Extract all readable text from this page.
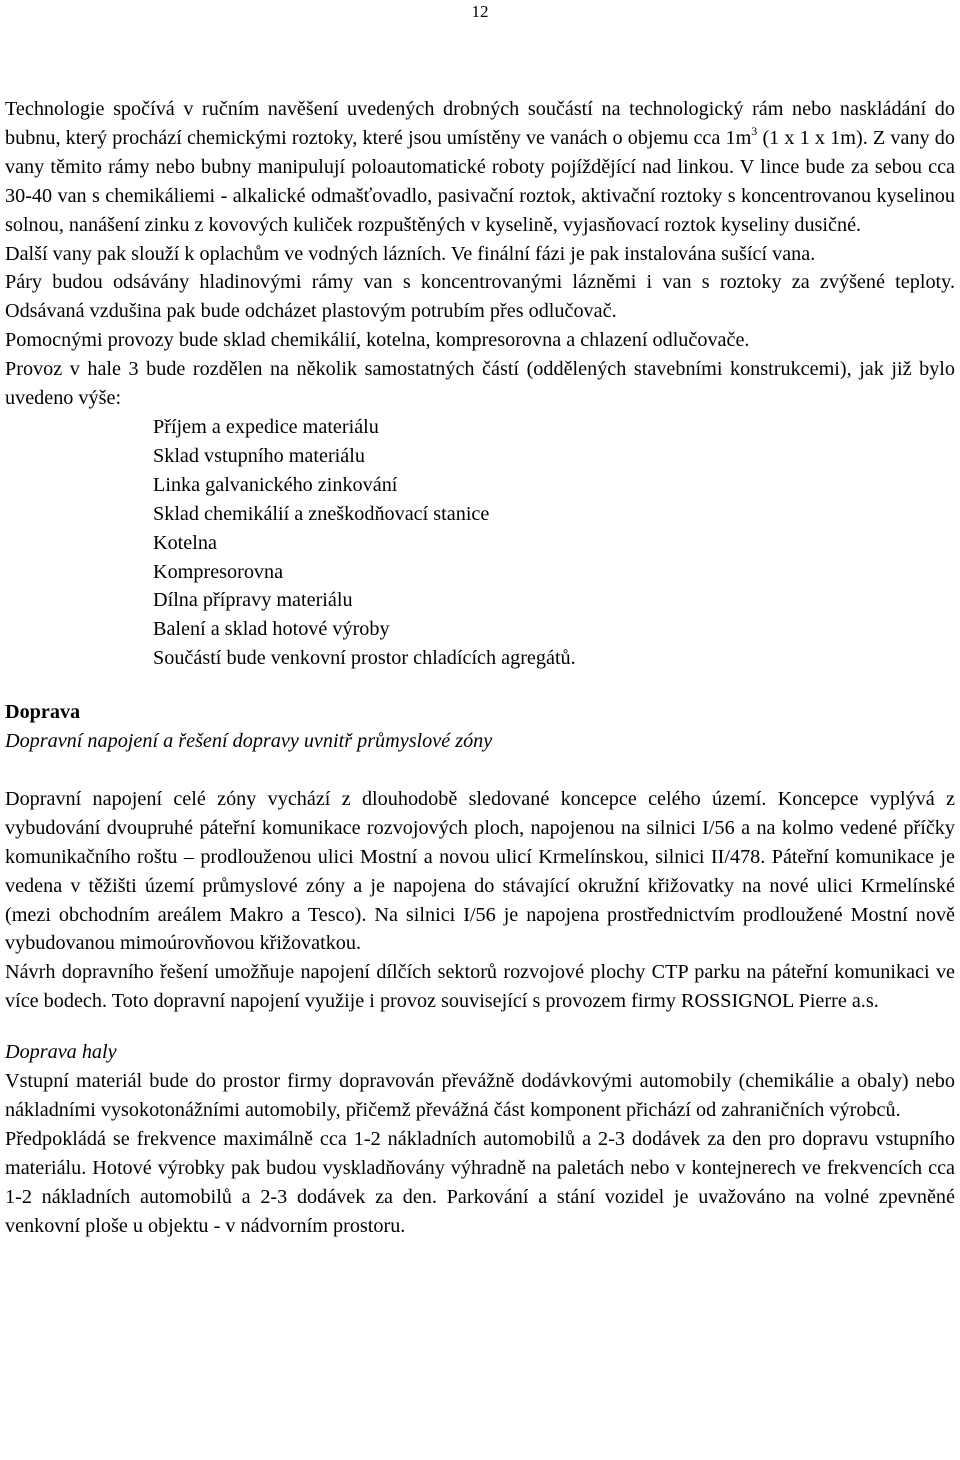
12

Technologie spočívá v ručním navěšení uvedených drobných součástí na technologický rám nebo naskládání do bubnu, který prochází chemickými roztoky, které jsou umístěny ve vanách o objemu cca $1m^3$ (1 x 1 x 1m). Z vany do vany těmito rámy nebo bubny manipulují poloautomatické roboty pojíždějící nad linkou. V lince bude za sebou cca 30-40 van s chemikáliemi - alkalické odmašťovadlo, pasivační roztok, aktivační roztoky s koncentrovanou kyselinou solnou, nanášení zinku z kovových kuliček rozpuštěných v kyselině, vyjasňovací roztok kyseliny dusičné.

Další vany pak slouží k oplachům ve vodných lázních. Ve finální fázi je pak instalována sušící vana.

Páry budou odsávány hladinovými rámy van s koncentrovanými lázněmi i van s roztoky za zvýšené teploty. Odsávaná vzdušina pak bude odcházet plastovým potrubím přes odlučovač.

Pomocnými provozy bude sklad chemikálií, kotelna, kompresorovna a chlazení odlučovače.

Provoz v hale 3 bude rozdělen na několik samostatných částí (oddělených stavebními konstrukcemi), jak již bylo uvedeno výše:

Příjem a expedice materiálu
Sklad vstupního materiálu
Linka galvanického zinkování
Sklad chemikálií a zneškodňovací stanice
Kotelna
Kompresorovna
Dílna přípravy materiálu
Balení a sklad hotové výroby
Součástí bude venkovní prostor chladících agregátů.

Doprava

Dopravní napojení a řešení dopravy uvnitř průmyslové zóny

Dopravní napojení celé zóny vychází z dlouhodobě sledované koncepce celého území. Koncepce vyplývá z vybudování dvoupruhé páteřní komunikace rozvojových ploch, napojenou na silnici I/56 a na kolmo vedené příčky komunikačního roštu – prodlouženou ulici Mostní a novou ulicí Krmelínskou, silnici II/478. Páteřní komunikace je vedena v těžišti území průmyslové zóny a je napojena do stávající okružní křižovatky na nové ulici Krmelínské (mezi obchodním areálem Makro a Tesco). Na silnici I/56 je napojena prostřednictvím prodloužené Mostní nově vybudovanou mimoúrovňovou křižovatkou.

Návrh dopravního řešení umožňuje napojení dílčích sektorů rozvojové plochy CTP parku na páteřní komunikaci ve více bodech. Toto dopravní napojení využije i provoz související s provozem firmy ROSSIGNOL Pierre a.s.

Doprava haly

Vstupní materiál bude do prostor firmy dopravován převážně dodávkovými automobily (chemikálie a obaly) nebo nákladními vysokotonážními automobily, přičemž převážná část komponent přichází od zahraničních výrobců.

Předpokládá se frekvence maximálně cca 1-2 nákladních automobilů a 2-3 dodávek za den pro dopravu vstupního materiálu. Hotové výrobky pak budou vyskladňovány výhradně na paletách nebo v kontejnerech ve frekvencích cca 1-2 nákladních automobilů a 2-3 dodávek za den. Parkování a stání vozidel je uvažováno na volné zpevněné venkovní ploše u objektu - v nádvorním prostoru.
